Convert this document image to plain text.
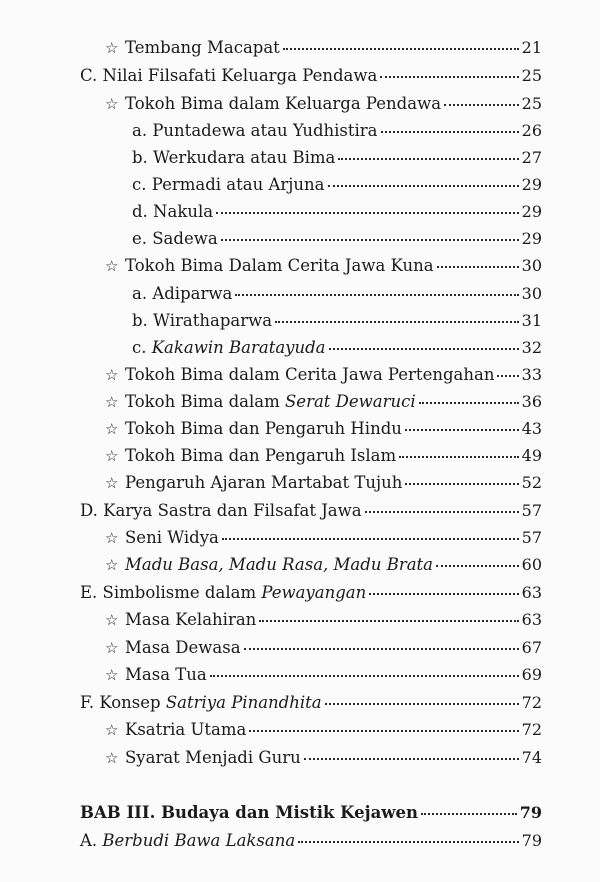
☆ Tembang Macapat	21
C. Nilai Filsafati Keluarga Pendawa	25
☆ Tokoh Bima dalam Keluarga Pendawa	25
a. Puntadewa atau Yudhistira	26
b. Werkudara atau Bima	27
c. Permadi atau Arjuna	29
d. Nakula	29
e. Sadewa	29
☆ Tokoh Bima Dalam Cerita Jawa Kuna	30
a. Adiparwa	30
b. Wirathaparwa	31
c. Kakawin Baratayuda	32
☆ Tokoh Bima dalam Cerita Jawa Pertengahan 33
☆ Tokoh Bima dalam Serat Dewaruci	36
☆ Tokoh Bima dan Pengaruh Hindu	43
☆ Tokoh Bima dan Pengaruh Islam	49
☆ Pengaruh Ajaran Martabat Tujuh	52
D. Karya Sastra dan Filsafat Jawa	57
☆ Seni Widya	57
☆ Madu Basa, Madu Rasa, Madu Brata	60
E. Simbolisme dalam Pewayangan	63
☆ Masa Kelahiran	63
☆ Masa Dewasa	67
☆ Masa Tua	69
F. Konsep Satriya Pinandhita	72
☆ Ksatria Utama	72
☆ Syarat Menjadi Guru	74
BAB III. Budaya dan Mistik Kejawen	79
A. Berbudi Bawa Laksana	79
